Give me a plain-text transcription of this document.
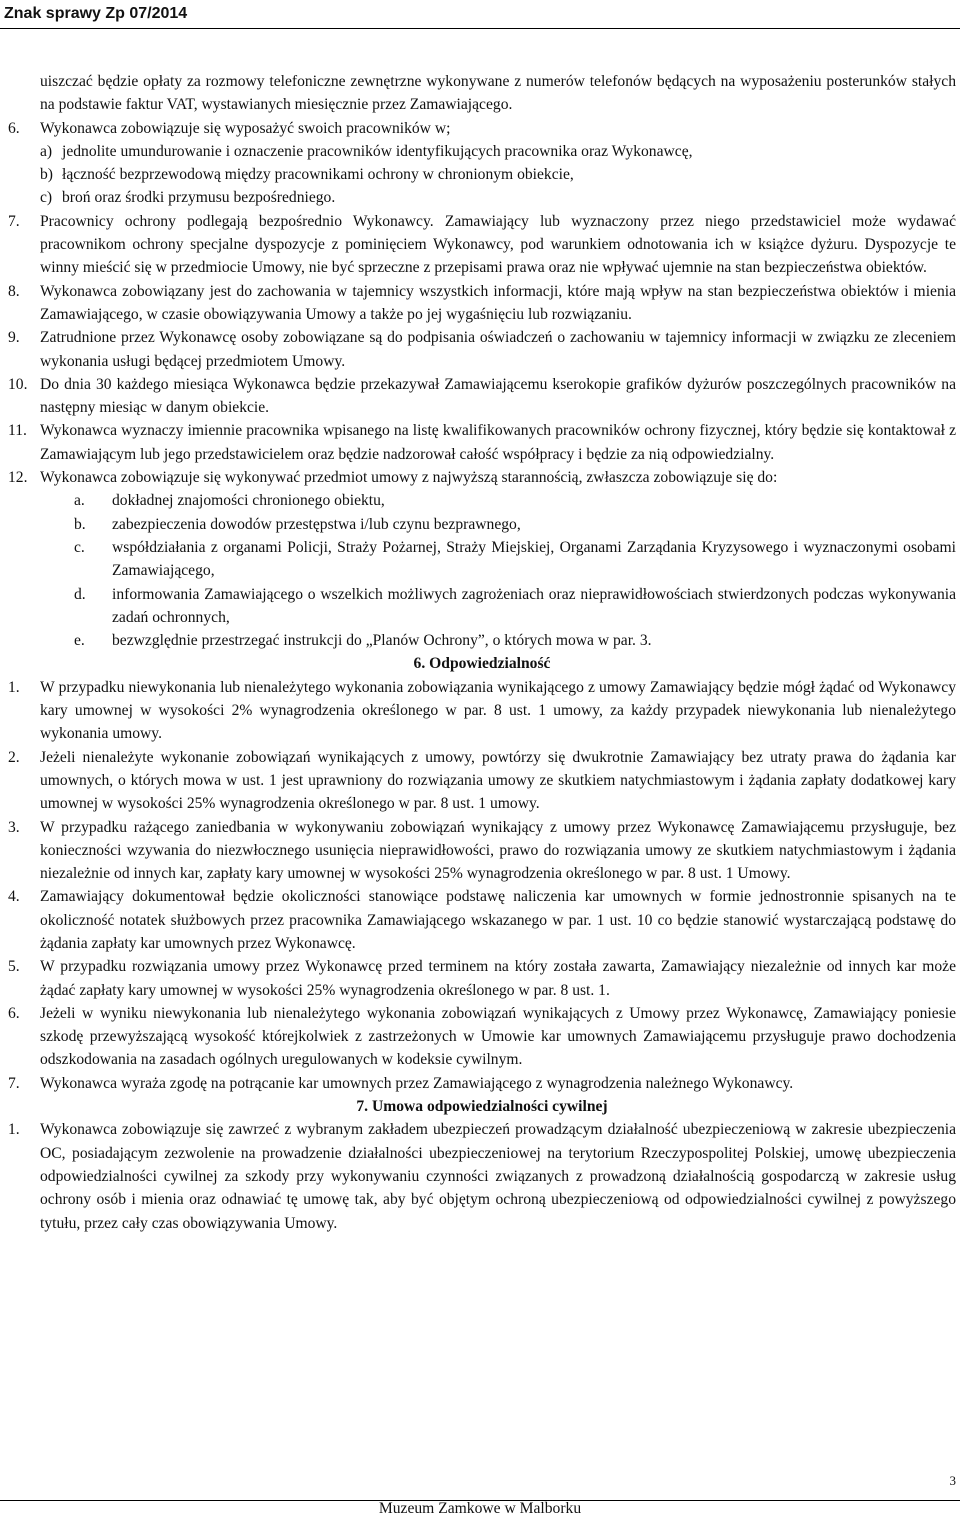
Znak sprawy Zp 07/2014

uiszczać będzie opłaty za rozmowy telefoniczne zewnętrzne wykonywane z numerów telefonów będących na wyposażeniu posterunków stałych na podstawie faktur VAT, wystawianych miesięcznie przez Zamawiającego.

6.	Wykonawca zobowiązuje się wyposażyć swoich pracowników w;
a) jednolite umundurowanie i oznaczenie pracowników identyfikujących pracownika oraz Wykonawcę,
b) łączność bezprzewodową między pracownikami ochrony w chronionym obiekcie,
c) broń oraz środki przymusu bezpośredniego.
7.	Pracownicy ochrony podlegają bezpośrednio Wykonawcy. Zamawiający lub wyznaczony przez niego przedstawiciel może wydawać pracownikom ochrony specjalne dyspozycje z pominięciem Wykonawcy, pod warunkiem odnotowania ich w książce dyżuru. Dyspozycje te winny mieścić się w przedmiocie Umowy, nie być sprzeczne z przepisami prawa oraz nie wpływać ujemnie na stan bezpieczeństwa obiektów.
8.	Wykonawca zobowiązany jest do zachowania w tajemnicy wszystkich informacji, które mają wpływ na stan bezpieczeństwa obiektów i mienia Zamawiającego, w czasie obowiązywania Umowy a także po jej wygaśnięciu lub rozwiązaniu.
9.	Zatrudnione przez Wykonawcę osoby zobowiązane są do podpisania oświadczeń o zachowaniu w tajemnicy informacji w związku ze zleceniem wykonania usługi będącej przedmiotem Umowy.
10. Do dnia 30 każdego miesiąca Wykonawca będzie przekazywał Zamawiającemu kserokopie grafików dyżurów poszczególnych pracowników na następny miesiąc w danym obiekcie.
11. Wykonawca wyznaczy imiennie pracownika wpisanego na listę kwalifikowanych pracowników ochrony fizycznej, który będzie się kontaktował z Zamawiającym lub jego przedstawicielem oraz będzie nadzorował całość współpracy i będzie za nią odpowiedzialny.
12. Wykonawca zobowiązuje się wykonywać przedmiot umowy z najwyższą starannością, zwłaszcza zobowiązuje się do:
a.	dokładnej znajomości chronionego obiektu,
b.	zabezpieczenia dowodów przestępstwa i/lub czynu bezprawnego,
c.	współdziałania z organami Policji, Straży Pożarnej, Straży Miejskiej, Organami Zarządania Kryzysowego i wyznaczonymi osobami Zamawiającego,
d.	informowania Zamawiającego o wszelkich możliwych zagrożeniach oraz nieprawidłowościach stwierdzonych podczas wykonywania zadań ochronnych,
e.	bezwzględnie przestrzegać instrukcji do „Planów Ochrony”, o których mowa w par. 3.

6. Odpowiedzialność

1.	W przypadku niewykonania lub nienależytego wykonania zobowiązania wynikającego z umowy Zamawiający będzie mógł żądać od Wykonawcy kary umownej w wysokości 2% wynagrodzenia określonego w par. 8 ust. 1 umowy, za każdy przypadek niewykonania lub nienależytego wykonania umowy.
2.	Jeżeli nienależyte wykonanie zobowiązań wynikających z umowy, powtórzy się dwukrotnie Zamawiający bez utraty prawa do żądania kar umownych, o których mowa w ust. 1 jest uprawniony do rozwiązania umowy ze skutkiem natychmiastowym i żądania zapłaty dodatkowej kary umownej w wysokości 25% wynagrodzenia określonego w par. 8 ust. 1 umowy.
3.	W przypadku rażącego zaniedbania w wykonywaniu zobowiązań wynikający z umowy przez Wykonawcę Zamawiającemu przysługuje, bez konieczności wzywania do niezwłocznego usunięcia nieprawidłowości, prawo do rozwiązania umowy ze skutkiem natychmiastowym i żądania niezależnie od innych kar, zapłaty kary umownej w wysokości 25% wynagrodzenia określonego w par. 8 ust. 1 Umowy.
4.	Zamawiający dokumentował będzie okoliczności stanowiące podstawę naliczenia kar umownych w formie jednostronnie spisanych na te okoliczność notatek służbowych przez pracownika Zamawiającego wskazanego w par. 1 ust. 10 co będzie stanowić wystarczającą podstawę do żądania zapłaty kar umownych przez Wykonawcę.
5.	W przypadku rozwiązania umowy przez Wykonawcę przed terminem na który została zawarta, Zamawiający niezależnie od innych kar może żądać zapłaty kary umownej w wysokości 25% wynagrodzenia określonego w par. 8 ust. 1.
6.	Jeżeli w wyniku niewykonania lub nienależytego wykonania zobowiązań wynikających z Umowy przez Wykonawcę, Zamawiający poniesie szkodę przewyższającą wysokość którejkolwiek z zastrzeżonych w Umowie kar umownych Zamawiającemu przysługuje prawo dochodzenia odszkodowania na zasadach ogólnych uregulowanych w kodeksie cywilnym.
7.	Wykonawca wyraża zgodę na potrącanie kar umownych przez Zamawiającego z wynagrodzenia należnego Wykonawcy.

7. Umowa odpowiedzialności cywilnej

1.	Wykonawca zobowiązuje się zawrzeć z wybranym zakładem ubezpieczeń prowadzącym działalność ubezpieczeniową w zakresie ubezpieczenia OC, posiadającym zezwolenie na prowadzenie działalności ubezpieczeniowej na terytorium Rzeczypospolitej Polskiej, umowę ubezpieczenia odpowiedzialności cywilnej za szkody przy wykonywaniu czynności związanych z prowadzoną działalnością gospodarczą w zakresie usług ochrony osób i mienia oraz odnawiać tę umowę tak, aby być objętym ochroną ubezpieczeniową od odpowiedzialności cywilnej z powyższego tytułu, przez cały czas obowiązywania Umowy.
3
Muzeum Zamkowe w Malborku
